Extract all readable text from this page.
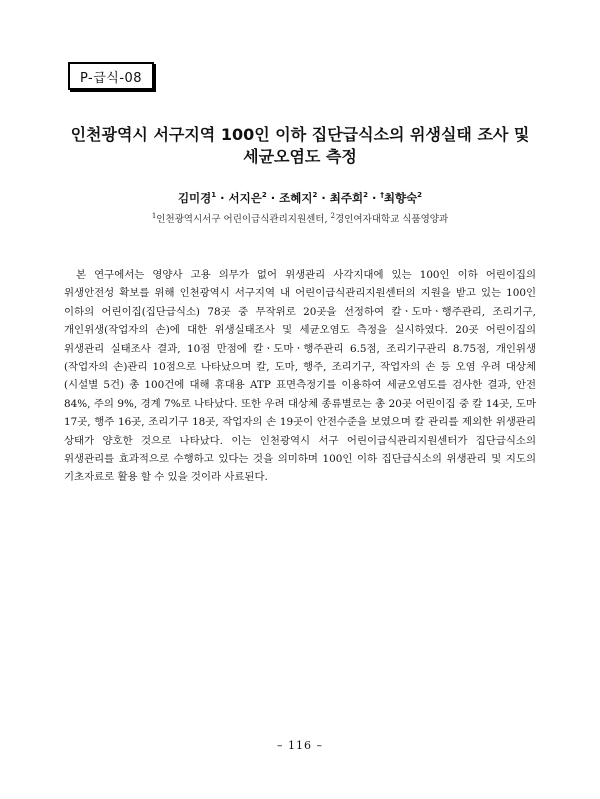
P-급식-08
인천광역시 서구지역 100인 이하 집단급식소의 위생실태 조사 및
세균오염도 측정
김미경$^1$ · 서지은$^2$ · 조혜지$^2$ · 최주희$^2$ · †최향숙$^2$
$^1$인천광역시서구 어린이급식관리지원센터, $^2$경인여자대학교 식품영양과

본 연구에서는 영양사 고용 의무가 없어 위생관리 사각지대에 있는 100인 이하 어린이집의 위생안전성 확보를 위해 인천광역시 서구지역 내 어린이급식관리지원센터의 지원을 받고 있는 100인 이하의 어린이집(집단급식소) 78곳 중 무작위로 20곳을 선정하여 칼ㆍ도마ㆍ행주관리, 조리기구, 개인위생(작업자의 손)에 대한 위생실태조사 및 세균오염도 측정을 실시하였다. 20곳 어린이집의 위생관리 실태조사 결과, 10점 만점에 칼ㆍ도마ㆍ행주관리 6.5점, 조리기구관리 8.75점, 개인위생(작업자의 손)관리 10점으로 나타났으며 칼, 도마, 행주, 조리기구, 작업자의 손 등 오염 우려 대상체(시설별 5건) 총 100건에 대해 휴대용 ATP 표면측정기를 이용하여 세균오염도를 검사한 결과, 안전 84%, 주의 9%, 경계 7%로 나타났다. 또한 우려 대상체 종류별로는 총 20곳 어린이집 중 칼 14곳, 도마 17곳, 행주 16곳, 조리기구 18곳, 작업자의 손 19곳이 안전수준을 보였으며 칼 관리를 제외한 위생관리 상태가 양호한 것으로 나타났다. 이는 인천광역시 서구 어린이급식관리지원센터가 집단급식소의 위생관리를 효과적으로 수행하고 있다는 것을 의미하며 100인 이하 집단급식소의 위생관리 및 지도의 기초자료로 활용 할 수 있을 것이라 사료된다.

– 116 –
